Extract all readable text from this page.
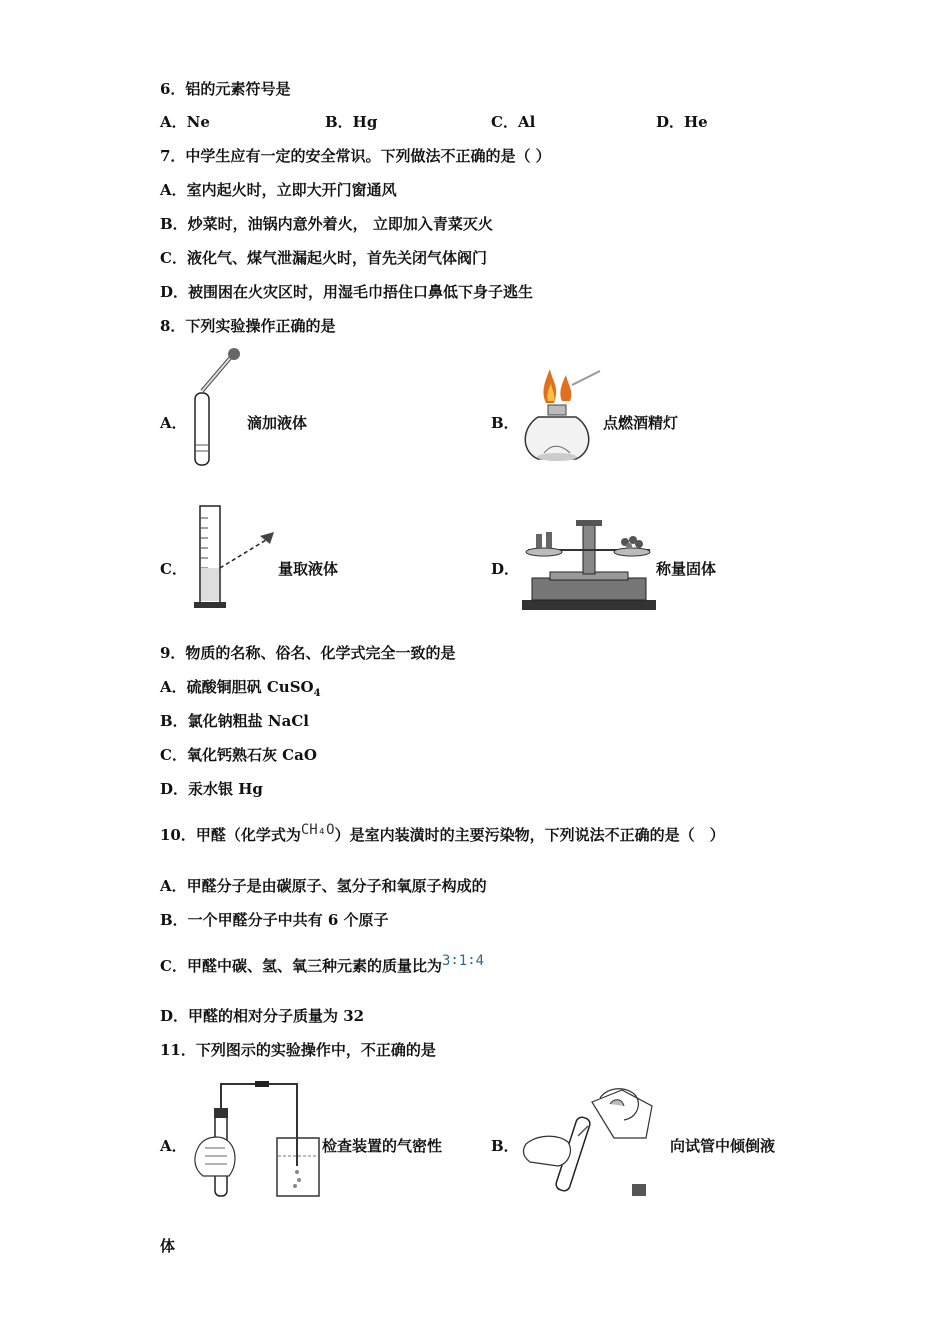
6．铝的元素符号是
A．Ne	B．Hg	C．Al	D．He
7．中学生应有一定的安全常识。下列做法不正确的是（ ）
A．室内起火时，立即大开门窗通风
B．炒菜时，油锅内意外着火， 立即加入青菜灭火
C．液化气、煤气泄漏起火时，首先关闭气体阀门
D．被围困在火灾区时，用湿毛巾捂住口鼻低下身子逃生
8．下列实验操作正确的是
A．	滴加液体	B．	点燃酒精灯
C．	量取液体	D．	称量固体
9．物质的名称、俗名、化学式完全一致的是
A．硫酸铜胆矾 CuSO$_4$
B．氯化钠粗盐 NaCl
C．氧化钙熟石灰 CaO
D．汞水银 Hg
10．甲醛（化学式为CH₄O）是室内装潢时的主要污染物，下列说法不正确的是（　）
A．甲醛分子是由碳原子、氢分子和氧原子构成的
B．一个甲醛分子中共有 6 个原子
C．甲醛中碳、氢、氧三种元素的质量比为3∶1∶4
D．甲醛的相对分子质量为 32
11．下列图示的实验操作中，不正确的是
A．	检查装置的气密性	B．	向试管中倾倒液
体
